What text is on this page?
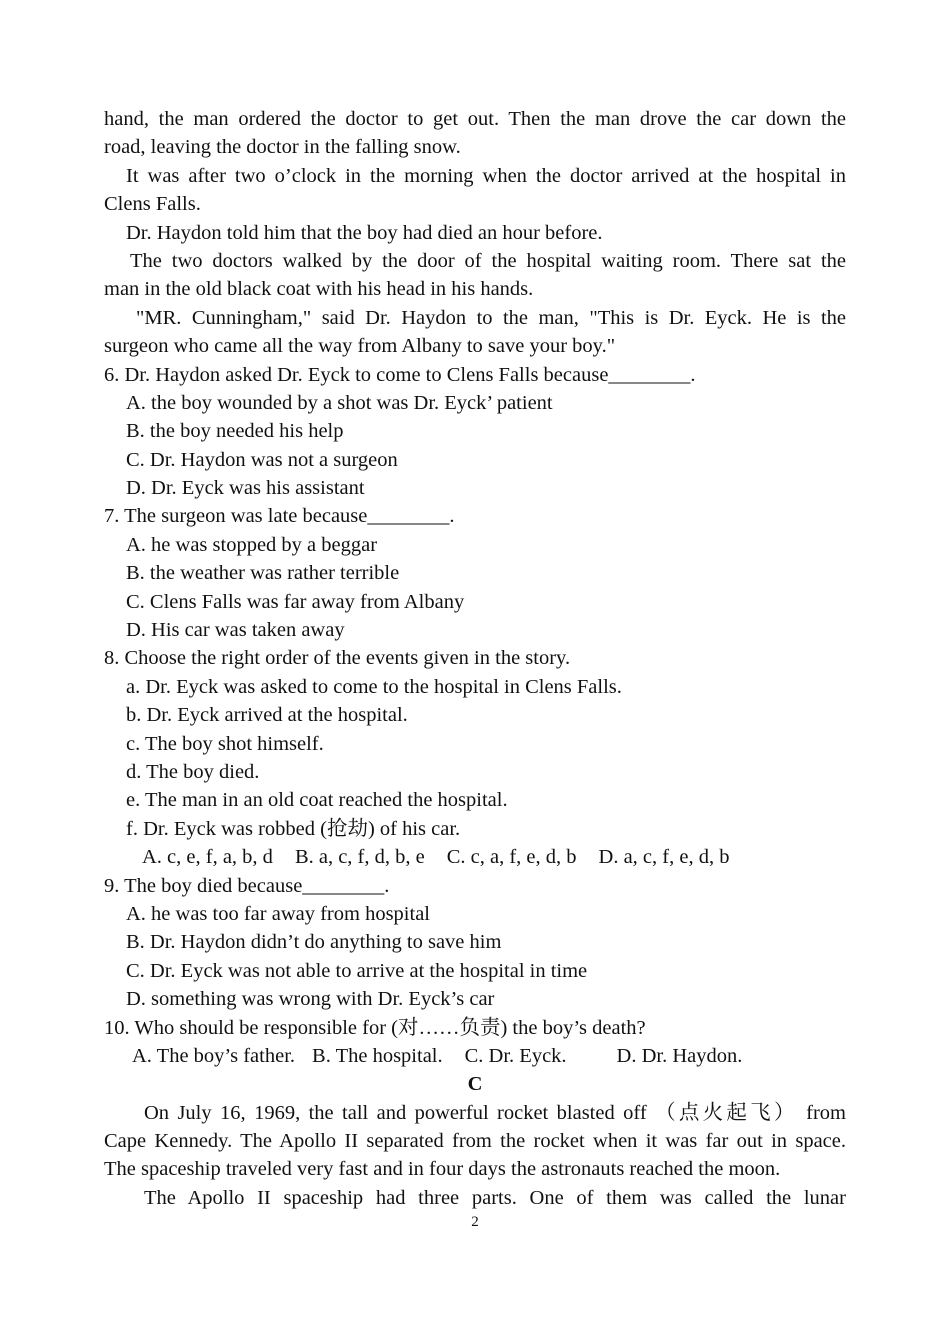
hand, the man ordered the doctor to get out. Then the man drove the car down the
road, leaving the doctor in the falling snow.
It was after two o’clock in the morning when the doctor arrived at the hospital in
Clens Falls.
Dr. Haydon told him that the boy had died an hour before.
The two doctors walked by the door of the hospital waiting room. There sat the
man in the old black coat with his head in his hands.
"MR. Cunningham," said Dr. Haydon to the man, "This is Dr. Eyck. He is the
surgeon who came all the way from Albany to save your boy."
6. Dr. Haydon asked Dr. Eyck to come to Clens Falls because________.
A. the boy wounded by a shot was Dr. Eyck’ patient
B. the boy needed his help
C. Dr. Haydon was not a surgeon
D. Dr. Eyck was his assistant
7. The surgeon was late because________.
A. he was stopped by a beggar
B. the weather was rather terrible
C. Clens Falls was far away from Albany
D. His car was taken away
8. Choose the right order of the events given in the story.
a. Dr. Eyck was asked to come to the hospital in Clens Falls.
b. Dr. Eyck arrived at the hospital.
c. The boy shot himself.
d. The boy died.
e. The man in an old coat reached the hospital.
f. Dr. Eyck was robbed (抢劫) of his car.
A. c, e, f, a, b, d B. a, c, f, d, b, e C. c, a, f, e, d, b D. a, c, f, e, d, b
9. The boy died because________.
A. he was too far away from hospital
B. Dr. Haydon didn’t do anything to save him
C. Dr. Eyck was not able to arrive at the hospital in time
D. something was wrong with Dr. Eyck’s car
10. Who should be responsible for (对……负责) the boy’s death?
A. The boy’s father. B. The hospital. C. Dr. Eyck. D. Dr. Haydon.
C
On July 16, 1969, the tall and powerful rocket blasted off （点火起飞） from
Cape Kennedy. The Apollo II separated from the rocket when it was far out in space.
The spaceship traveled very fast and in four days the astronauts reached the moon.
The Apollo II spaceship had three parts. One of them was called the lunar
2
